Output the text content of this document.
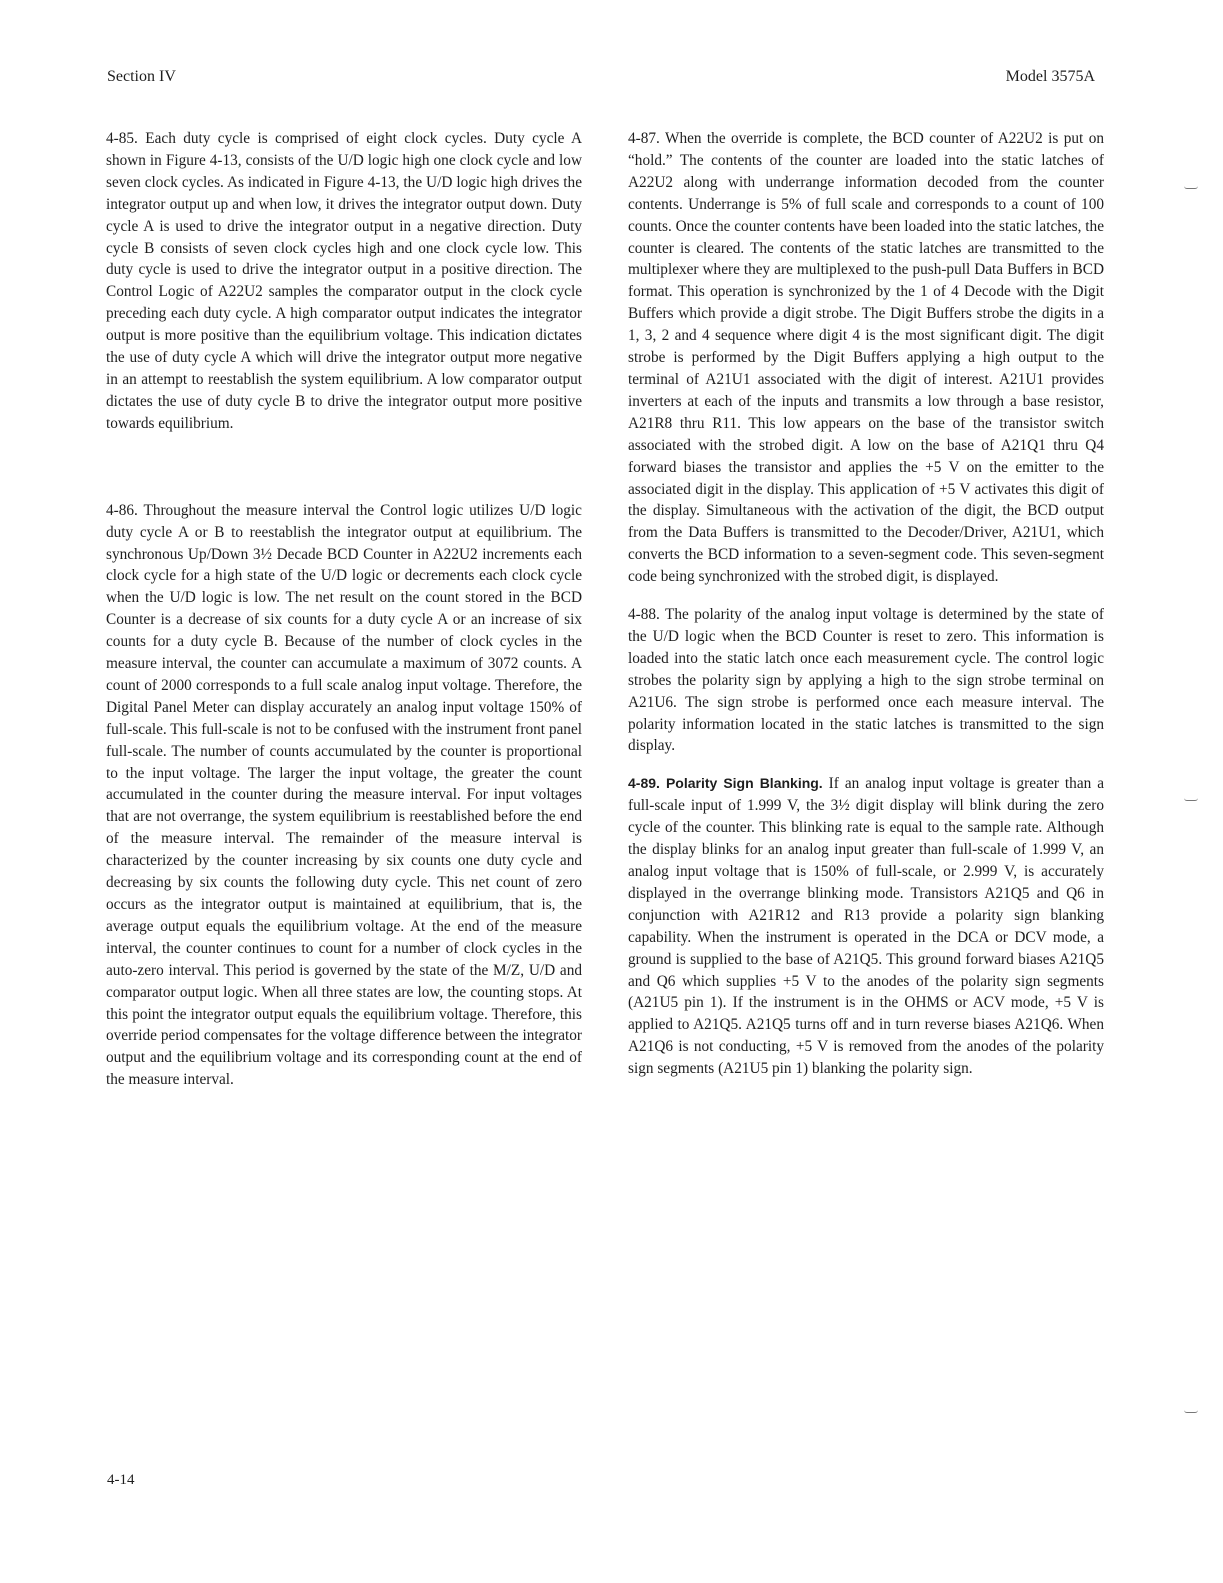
Section IV	Model 3575A

4-85. Each duty cycle is comprised of eight clock cycles. Duty cycle A shown in Figure 4-13, consists of the U/D logic high one clock cycle and low seven clock cycles. As indicated in Figure 4-13, the U/D logic high drives the integrator output up and when low, it drives the integrator output down. Duty cycle A is used to drive the integrator output in a negative direction. Duty cycle B consists of seven clock cycles high and one clock cycle low. This duty cycle is used to drive the integrator output in a positive direction. The Control Logic of A22U2 samples the comparator output in the clock cycle preceding each duty cycle. A high comparator output indicates the integrator output is more positive than the equilibrium voltage. This indication dictates the use of duty cycle A which will drive the integrator output more negative in an attempt to reestablish the system equilibrium. A low comparator output dictates the use of duty cycle B to drive the integrator output more positive towards equilibrium.

4-86. Throughout the measure interval the Control logic utilizes U/D logic duty cycle A or B to reestablish the integrator output at equilibrium. The synchronous Up/Down 3½ Decade BCD Counter in A22U2 increments each clock cycle for a high state of the U/D logic or decrements each clock cycle when the U/D logic is low. The net result on the count stored in the BCD Counter is a decrease of six counts for a duty cycle A or an increase of six counts for a duty cycle B. Because of the number of clock cycles in the measure interval, the counter can accumulate a maximum of 3072 counts. A count of 2000 corresponds to a full scale analog input voltage. Therefore, the Digital Panel Meter can display accurately an analog input voltage 150% of full-scale. This full-scale is not to be confused with the instrument front panel full-scale. The number of counts accumulated by the counter is proportional to the input voltage. The larger the input voltage, the greater the count accumulated in the counter during the measure interval. For input voltages that are not overrange, the system equilibrium is reestablished before the end of the measure interval. The remainder of the measure interval is characterized by the counter increasing by six counts one duty cycle and decreasing by six counts the following duty cycle. This net count of zero occurs as the integrator output is maintained at equilibrium, that is, the average output equals the equilibrium voltage. At the end of the measure interval, the counter continues to count for a number of clock cycles in the auto-zero interval. This period is governed by the state of the M/Z, U/D and comparator output logic. When all three states are low, the counting stops. At this point the integrator output equals the equilibrium voltage. Therefore, this override period compensates for the voltage difference between the integrator output and the equilibrium voltage and its corresponding count at the end of the measure interval.

4-87. When the override is complete, the BCD counter of A22U2 is put on “hold.” The contents of the counter are loaded into the static latches of A22U2 along with underrange information decoded from the counter contents. Underrange is 5% of full scale and corresponds to a count of 100 counts. Once the counter contents have been loaded into the static latches, the counter is cleared. The contents of the static latches are transmitted to the multiplexer where they are multiplexed to the push-pull Data Buffers in BCD format. This operation is synchronized by the 1 of 4 Decode with the Digit Buffers which provide a digit strobe. The Digit Buffers strobe the digits in a 1, 3, 2 and 4 sequence where digit 4 is the most significant digit. The digit strobe is performed by the Digit Buffers applying a high output to the terminal of A21U1 associated with the digit of interest. A21U1 provides inverters at each of the inputs and transmits a low through a base resistor, A21R8 thru R11. This low appears on the base of the transistor switch associated with the strobed digit. A low on the base of A21Q1 thru Q4 forward biases the transistor and applies the +5 V on the emitter to the associated digit in the display. This application of +5 V activates this digit of the display. Simultaneous with the activation of the digit, the BCD output from the Data Buffers is transmitted to the Decoder/Driver, A21U1, which converts the BCD information to a seven-segment code. This seven-segment code being synchronized with the strobed digit, is displayed.

4-88. The polarity of the analog input voltage is determined by the state of the U/D logic when the BCD Counter is reset to zero. This information is loaded into the static latch once each measurement cycle. The control logic strobes the polarity sign by applying a high to the sign strobe terminal on A21U6. The sign strobe is performed once each measure interval. The polarity information located in the static latches is transmitted to the sign display.

4-89. Polarity Sign Blanking. If an analog input voltage is greater than a full-scale input of 1.999 V, the 3½ digit display will blink during the zero cycle of the counter. This blinking rate is equal to the sample rate. Although the display blinks for an analog input greater than full-scale of 1.999 V, an analog input voltage that is 150% of full-scale, or 2.999 V, is accurately displayed in the overrange blinking mode. Transistors A21Q5 and Q6 in conjunction with A21R12 and R13 provide a polarity sign blanking capability. When the instrument is operated in the DCA or DCV mode, a ground is supplied to the base of A21Q5. This ground forward biases A21Q5 and Q6 which supplies +5 V to the anodes of the polarity sign segments (A21U5 pin 1). If the instrument is in the OHMS or ACV mode, +5 V is applied to A21Q5. A21Q5 turns off and in turn reverse biases A21Q6. When A21Q6 is not conducting, +5 V is removed from the anodes of the polarity sign segments (A21U5 pin 1) blanking the polarity sign.

4-14
